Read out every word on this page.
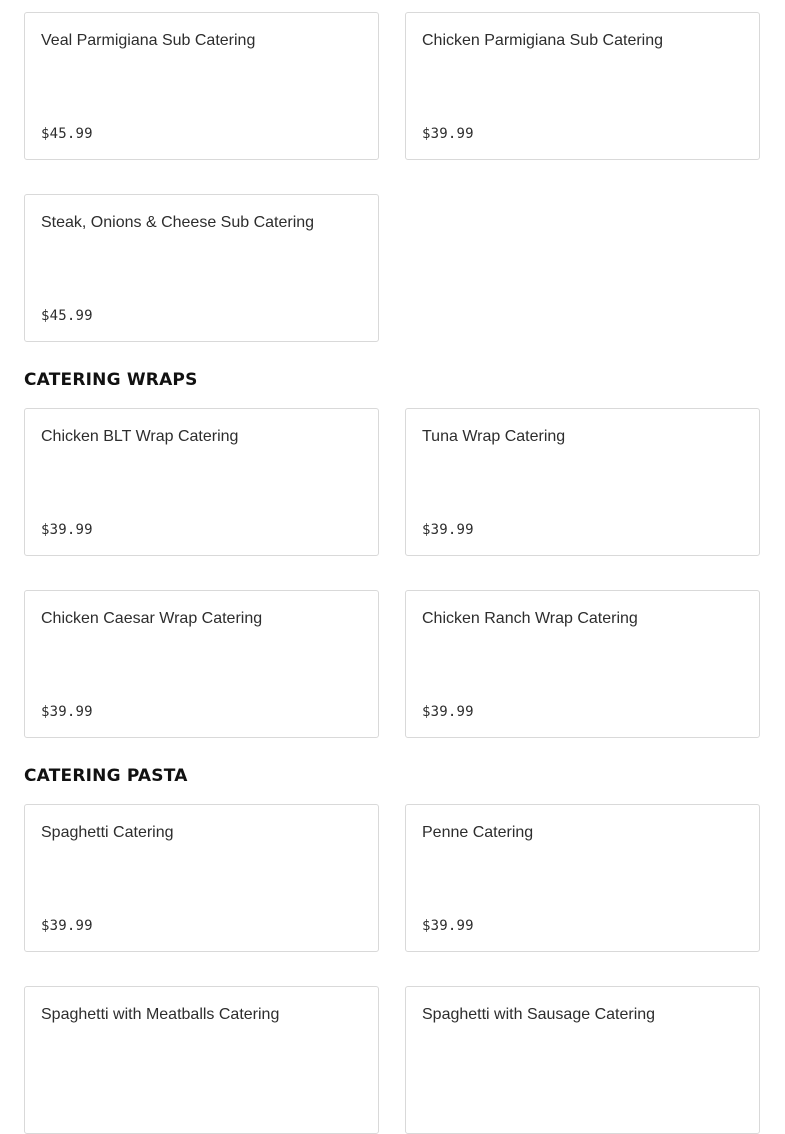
Veal Parmigiana Sub Catering
$45.99
Chicken Parmigiana Sub Catering
$39.99
Steak, Onions & Cheese Sub Catering
$45.99
CATERING WRAPS
Chicken BLT Wrap Catering
$39.99
Tuna Wrap Catering
$39.99
Chicken Caesar Wrap Catering
$39.99
Chicken Ranch Wrap Catering
$39.99
CATERING PASTA
Spaghetti Catering
$39.99
Penne Catering
$39.99
Spaghetti with Meatballs Catering	Spaghetti with Sausage Catering
